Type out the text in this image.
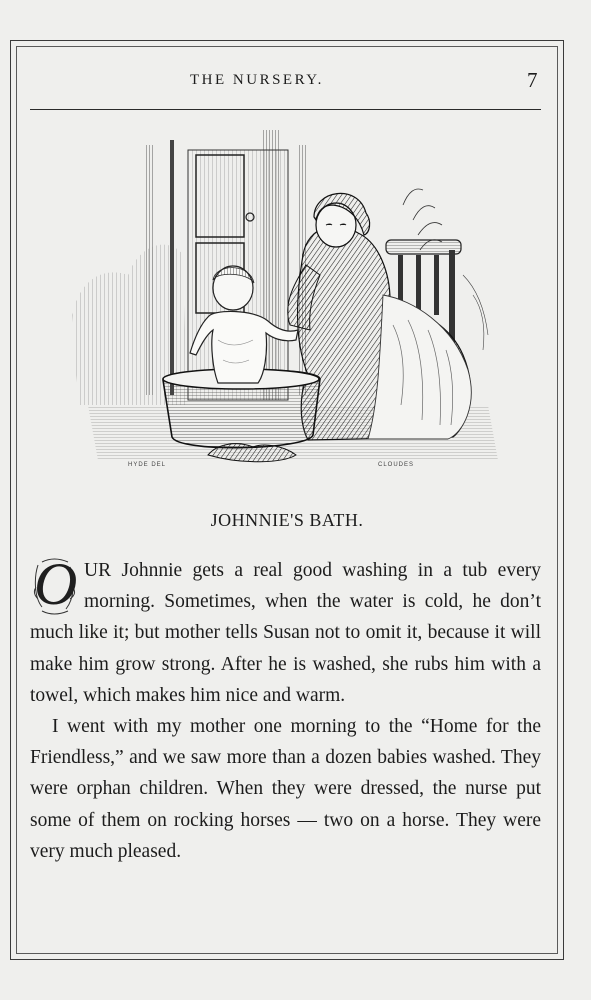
THE NURSERY.	7
HYDE DEL	CLOUDES
JOHNNIE'S BATH.

O UR Johnnie gets a real good washing in a tub every morning. Sometimes, when the water is cold, he don’t much like it; but mother tells Susan not to omit it, because it will make him grow strong. After he is washed, she rubs him with a towel, which makes him nice and warm.

I went with my mother one morning to the “Home for the Friendless,” and we saw more than a dozen babies washed. They were orphan children. When they were dressed, the nurse put some of them on rocking horses — two on a horse. They were very much pleased.
